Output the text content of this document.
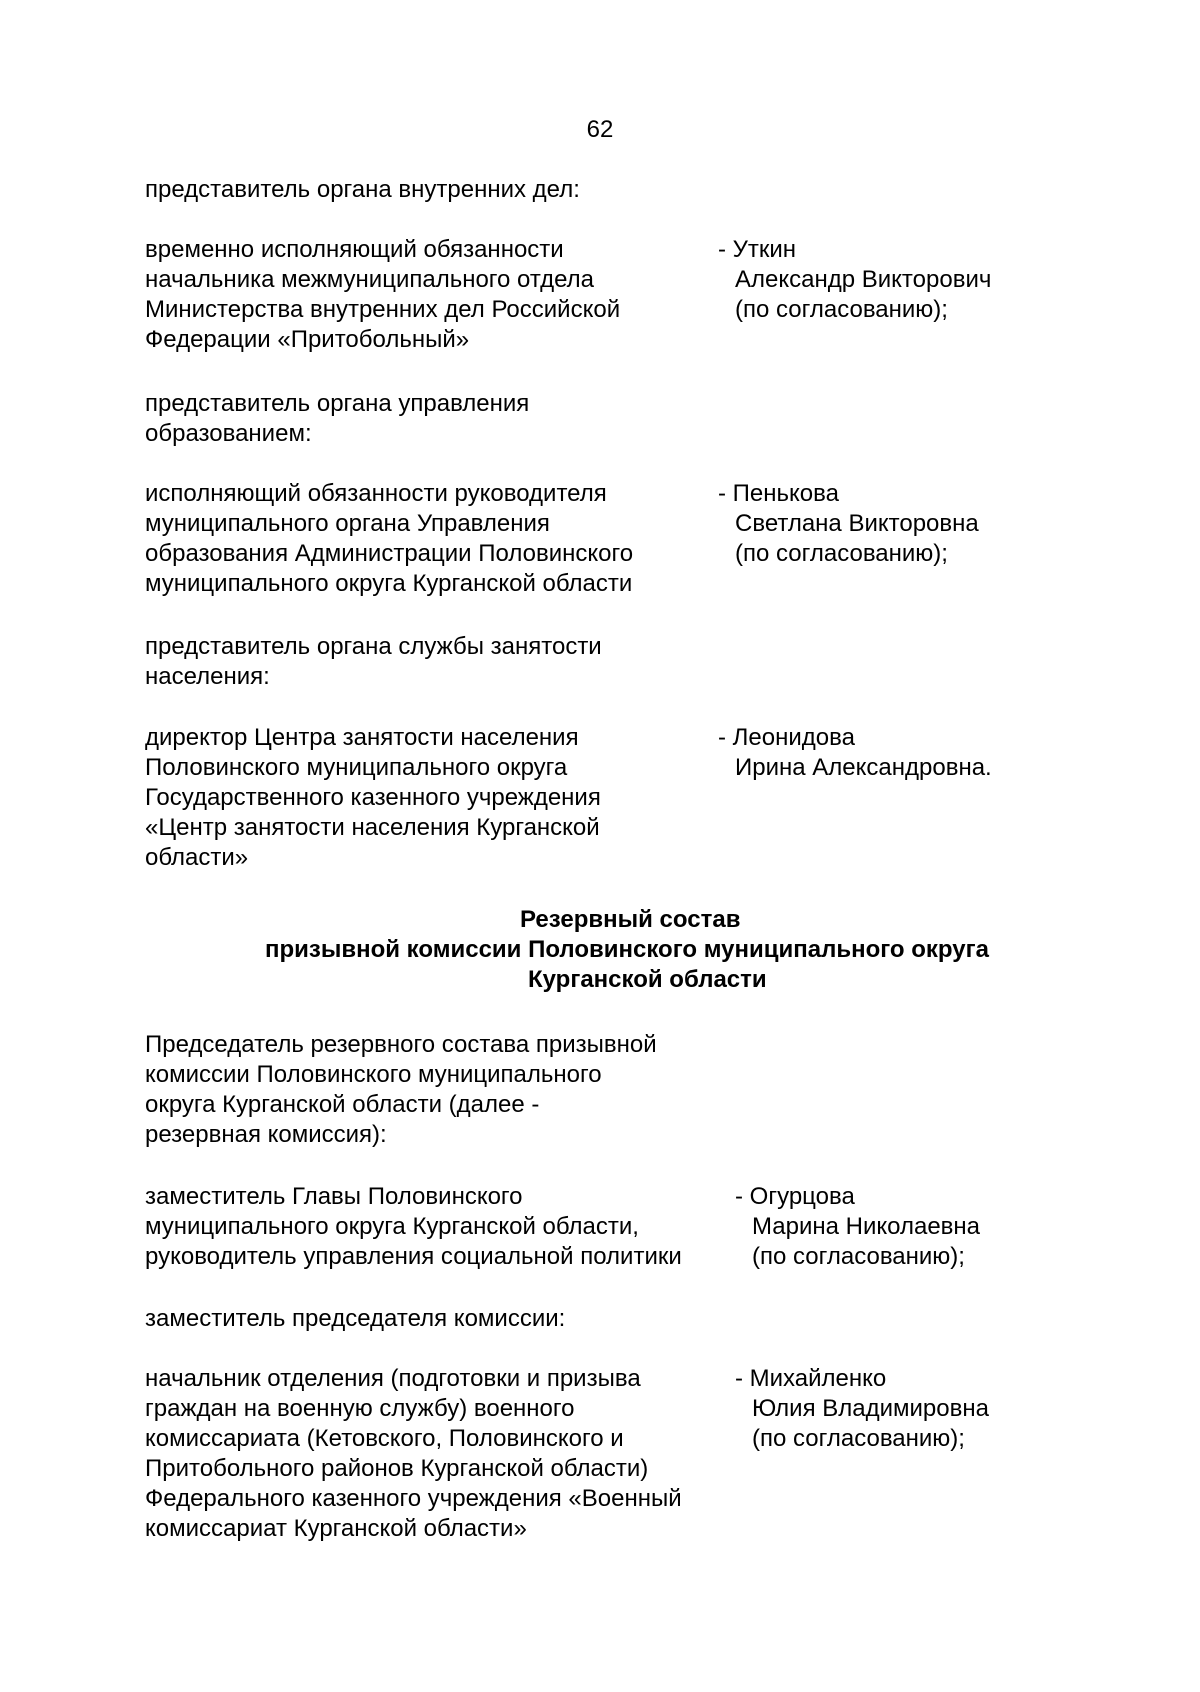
62
представитель органа внутренних дел:
временно исполняющий обязанности
начальника межмуниципального отдела
Министерства внутренних дел Российской
Федерации «Притобольный»
- Уткин
Александр Викторович
(по согласованию);
представитель органа управления
образованием:
исполняющий обязанности руководителя
муниципального органа Управления
образования Администрации Половинского
муниципального округа Курганской области
- Пенькова
Светлана Викторовна
(по согласованию);
представитель органа службы занятости
населения:
директор Центра занятости населения
Половинского муниципального округа
Государственного казенного учреждения
«Центр занятости населения Курганской
области»
- Леонидова
Ирина Александровна.
Резервный состав
призывной комиссии Половинского муниципального округа
Курганской области
Председатель резервного состава призывной
комиссии Половинского муниципального
округа Курганской области (далее -
резервная комиссия):
заместитель Главы Половинского
муниципального округа Курганской области,
руководитель управления социальной политики
- Огурцова
Марина Николаевна
(по согласованию);
заместитель председателя комиссии:
начальник отделения (подготовки и призыва
граждан на военную службу) военного
комиссариата (Кетовского, Половинского и
Притобольного районов Курганской области)
Федерального казенного учреждения «Военный
комиссариат Курганской области»
- Михайленко
Юлия Владимировна
(по согласованию);
